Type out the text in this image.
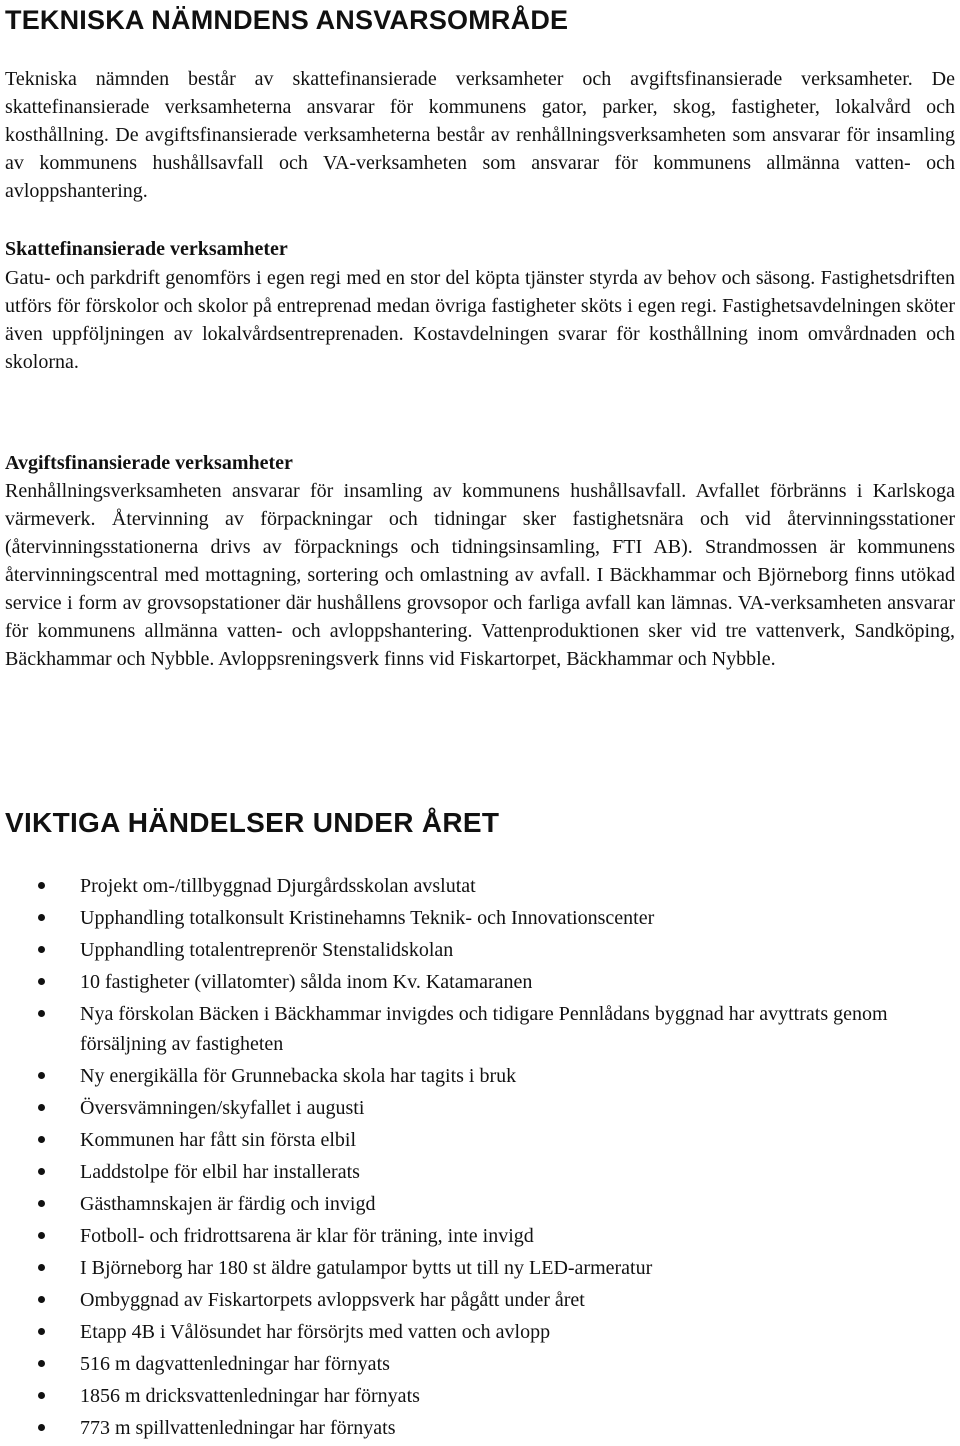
TEKNISKA NÄMNDENS ANSVARSOMRÅDE

Tekniska nämnden består av skattefinansierade verksamheter och avgiftsfinansierade verksamheter. De skattefinansierade verksamheterna ansvarar för kommunens gator, parker, skog, fastigheter, lokalvård och kosthållning. De avgiftsfinansierade verksamheterna består av renhållningsverksamheten som ansvarar för insamling av kommunens hushållsavfall och VA-verksamheten som ansvarar för kommunens allmänna vatten- och avloppshantering.

Skattefinansierade verksamheter

Gatu- och parkdrift genomförs i egen regi med en stor del köpta tjänster styrda av behov och säsong. Fastighetsdriften utförs för förskolor och skolor på entreprenad medan övriga fastigheter sköts i egen regi. Fastighetsavdelningen sköter även uppföljningen av lokalvårdsentreprenaden. Kostavdelningen svarar för kosthållning inom omvårdnaden och skolorna.

Avgiftsfinansierade verksamheter

Renhållningsverksamheten ansvarar för insamling av kommunens hushållsavfall. Avfallet förbränns i Karlskoga värmeverk. Återvinning av förpackningar och tidningar sker fastighetsnära och vid återvinningsstationer (återvinningsstationerna drivs av förpacknings och tidningsinsamling, FTI AB). Strandmossen är kommunens återvinningscentral med mottagning, sortering och omlastning av avfall. I Bäckhammar och Björneborg finns utökad service i form av grovsopstationer där hushållens grovsopor och farliga avfall kan lämnas. VA-verksamheten ansvarar för kommunens allmänna vatten- och avloppshantering. Vattenproduktionen sker vid tre vattenverk, Sandköping, Bäckhammar och Nybble. Avloppsreningsverk finns vid Fiskartorpet, Bäckhammar och Nybble.

VIKTIGA HÄNDELSER UNDER ÅRET
Projekt om-/tillbyggnad Djurgårdsskolan avslutat
Upphandling totalkonsult Kristinehamns Teknik- och Innovationscenter
Upphandling totalentreprenör Stenstalidskolan
10 fastigheter (villatomter) sålda inom Kv. Katamaranen
Nya förskolan Bäcken i Bäckhammar invigdes och tidigare Pennlådans byggnad har avyttrats genom försäljning av fastigheten
Ny energikälla för Grunnebacka skola har tagits i bruk
Översvämningen/skyfallet i augusti
Kommunen har fått sin första elbil
Laddstolpe för elbil har installerats
Gästhamnskajen är färdig och invigd
Fotboll- och fridrottsarena är klar för träning, inte invigd
I Björneborg har 180 st äldre gatulampor bytts ut till ny LED-armeratur
Ombyggnad av Fiskartorpets avloppsverk har pågått under året
Etapp 4B i Vålösundet har försörjts med vatten och avlopp
516 m dagvattenledningar har förnyats
1856 m dricksvattenledningar har förnyats
773 m spillvattenledningar har förnyats
